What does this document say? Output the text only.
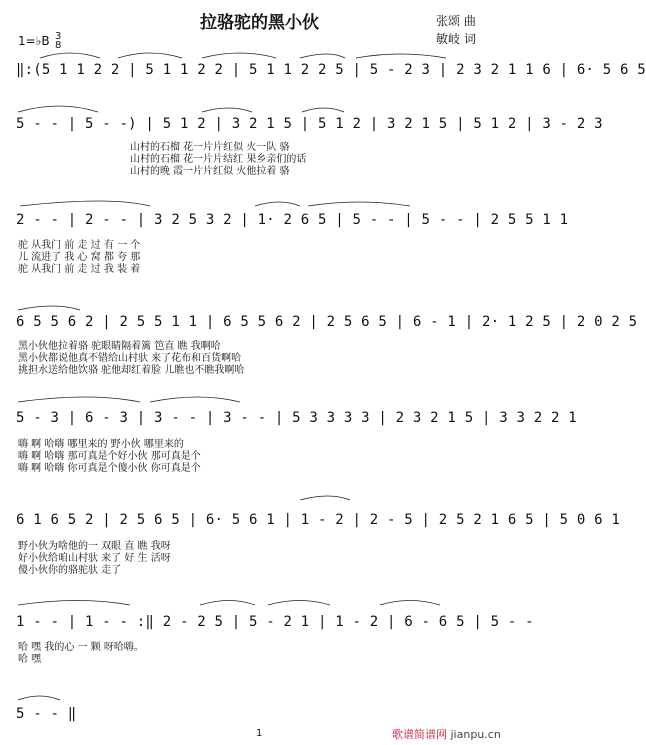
拉骆驼的黑小伙	张颂 曲
敏岐 词
1=♭B 3
8
‖:(5 1 1 2 2 | 5 1 1 2 2 | 5 1 1 2 2 5 | 5 - 2 3 | 2 3 2 1 1 6 | 6· 5 6 5
5 - - | 5 - -) | 5 1 2 | 3 2 1 5 | 5 1 2 | 3 2 1 5 | 5 1 2 | 3 - 2 3
山村的石榴 花一片片红似 火一队 骆
山村的石榴 花一片片结红 果乡亲们的话
山村的晚 霞一片片红似 火他拉着 骆
2 - - | 2 - - | 3 2 5 3 2 | 1· 2 6 5 | 5 - - | 5 - - | 2 5 5 1 1
驼 从我门 前 走 过 有 一 个
儿 流进了 我 心 窝 都 夸 那
驼 从我门 前 走 过 我 装 着
6 5 5 6 2 | 2 5 5 1 1 | 6 5 5 6 2 | 2 5 6 5 | 6 - 1 | 2· 1 2 5 | 2 0 2 5
黑小伙他拉着骆 驼眼睛隔着篱 笆直 瞧 我啊哈
黑小伙都说他真不错给山村驮 来了花布和百货啊哈
挑担水送给他饮骆 驼他却红着脸 儿瞧也不瞧我啊哈
5 - 3 | 6 - 3 | 3 - - | 3 - - | 5 3 3 3 3 | 2 3 2 1 5 | 3 3 2 2 1
嗨 啊 哈嗨 哪里来的 野小伙 哪里来的
嗨 啊 哈嗨 那可真是个好小伙 那可真是个
嗨 啊 哈嗨 你可真是个傻小伙 你可真是个
6 1 6 5 2 | 2 5 6 5 | 6· 5 6 1 | 1 - 2 | 2 - 5 | 2 5 2 1 6 5 | 5 0 6 1
野小伙为啥他的一 双眼 直 瞧 我呀
好小伙给咱山村驮 来了 好 生 活呀
傻小伙你的骆驼驮 走了
1 - - | 1 - - :‖ 2 - 2 5 | 5 - 2 1 | 1 - 2 | 6 - 6 5 | 5 - -
哈 嘿 我的心 一 颗 呀哈嗨。
哈 嘿
5 - - ‖
1	歌谱简谱网 jianpu.cn
